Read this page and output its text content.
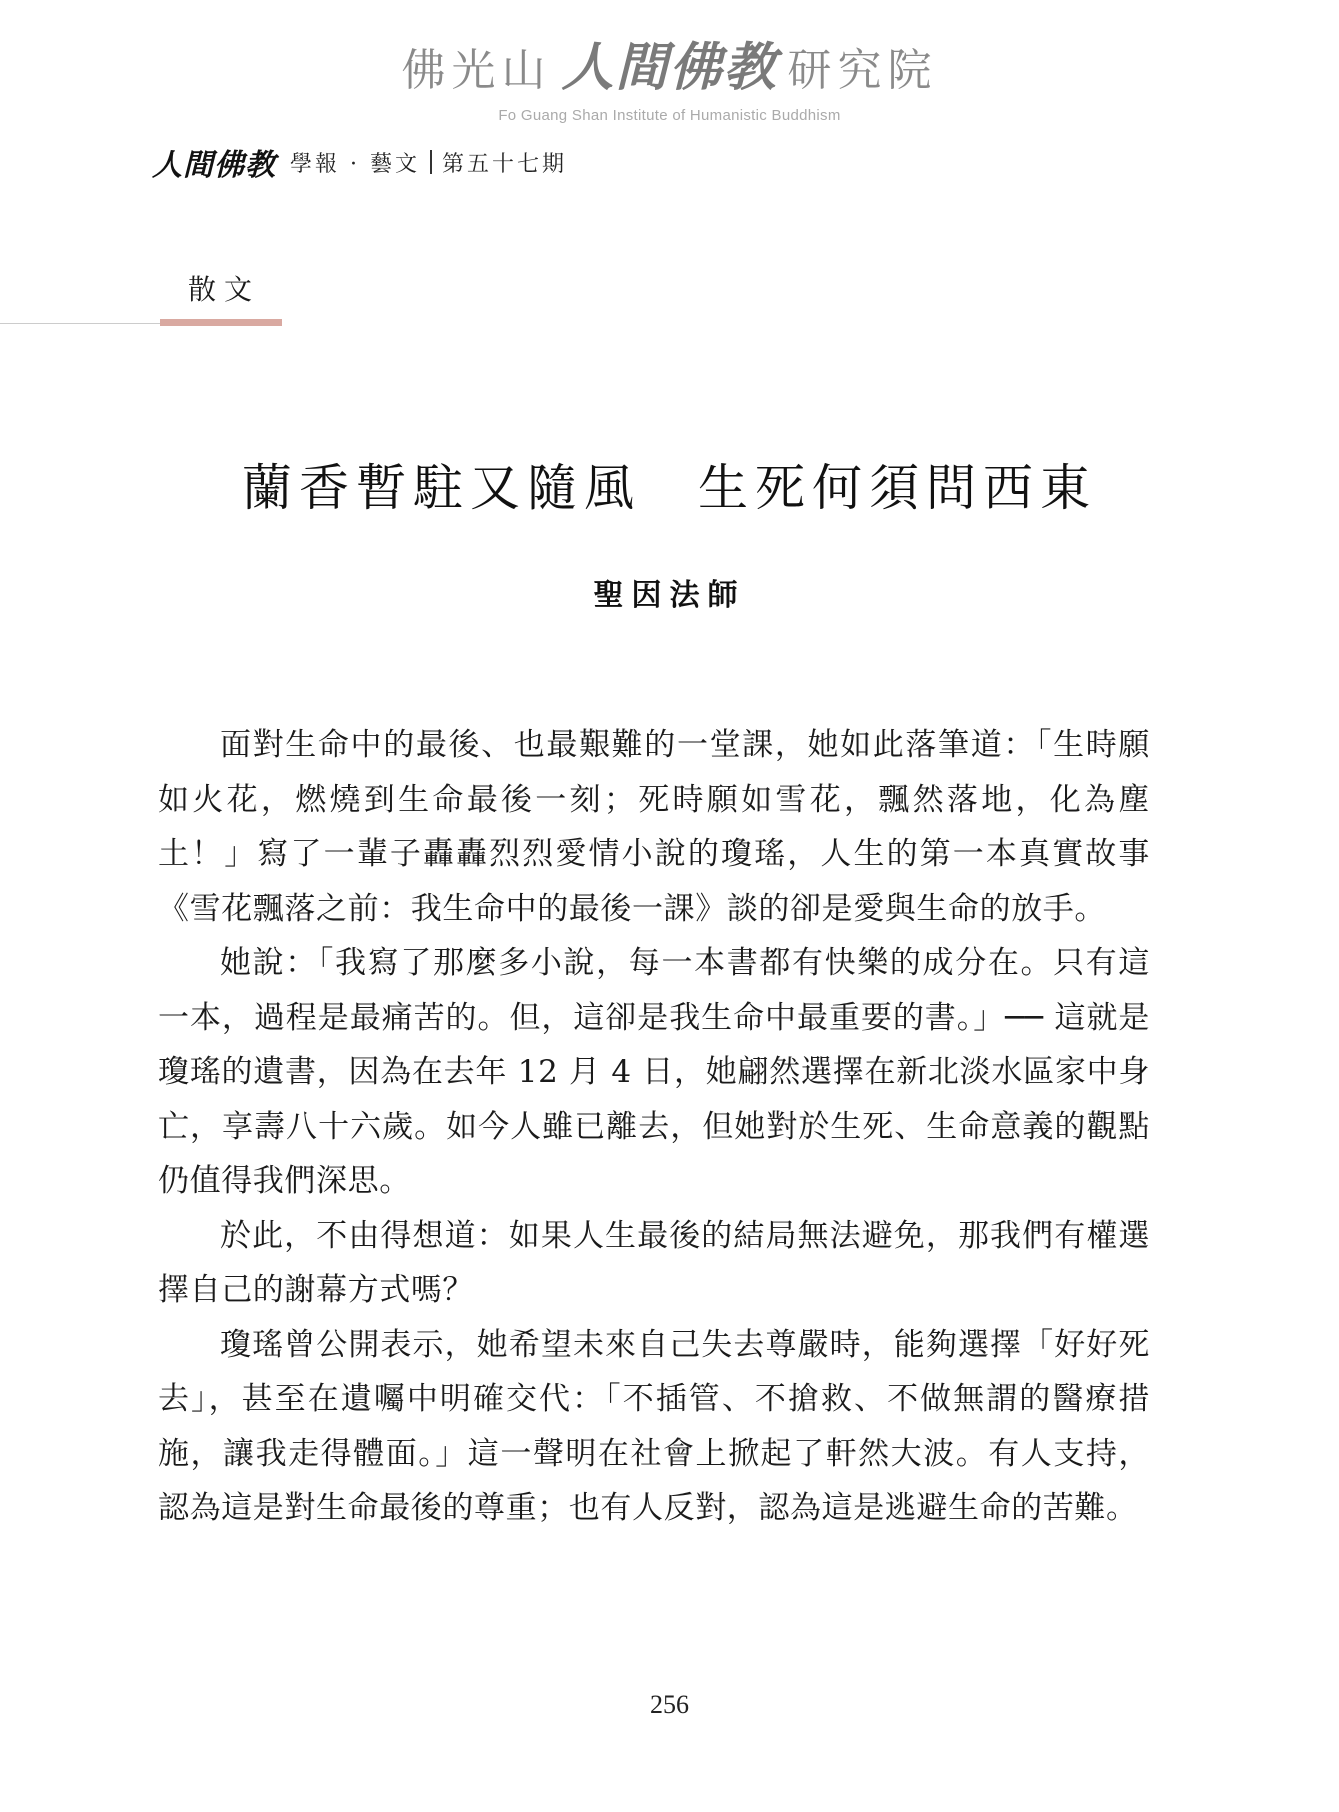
佛光山 人間佛教 研究院
Fo Guang Shan Institute of Humanistic Buddhism
人間佛教 學報 · 藝文 第五十七期
散文
蘭香暫駐又隨風　生死何須問西東
聖因法師

面對生命中的最後、也最艱難的一堂課，她如此落筆道：「生時願如火花，燃燒到生命最後一刻；死時願如雪花，飄然落地，化為塵土！」寫了一輩子轟轟烈烈愛情小說的瓊瑤，人生的第一本真實故事《雪花飄落之前：我生命中的最後一課》談的卻是愛與生命的放手。

她說：「我寫了那麼多小說，每一本書都有快樂的成分在。只有這一本，過程是最痛苦的。但，這卻是我生命中最重要的書。」── 這就是瓊瑤的遺書，因為在去年 12 月 4 日，她翩然選擇在新北淡水區家中身亡，享壽八十六歲。如今人雖已離去，但她對於生死、生命意義的觀點仍值得我們深思。

於此，不由得想道：如果人生最後的結局無法避免，那我們有權選擇自己的謝幕方式嗎？

瓊瑤曾公開表示，她希望未來自己失去尊嚴時，能夠選擇「好好死去」，甚至在遺囑中明確交代：「不插管、不搶救、不做無謂的醫療措施，讓我走得體面。」這一聲明在社會上掀起了軒然大波。有人支持，認為這是對生命最後的尊重；也有人反對，認為這是逃避生命的苦難。

256
